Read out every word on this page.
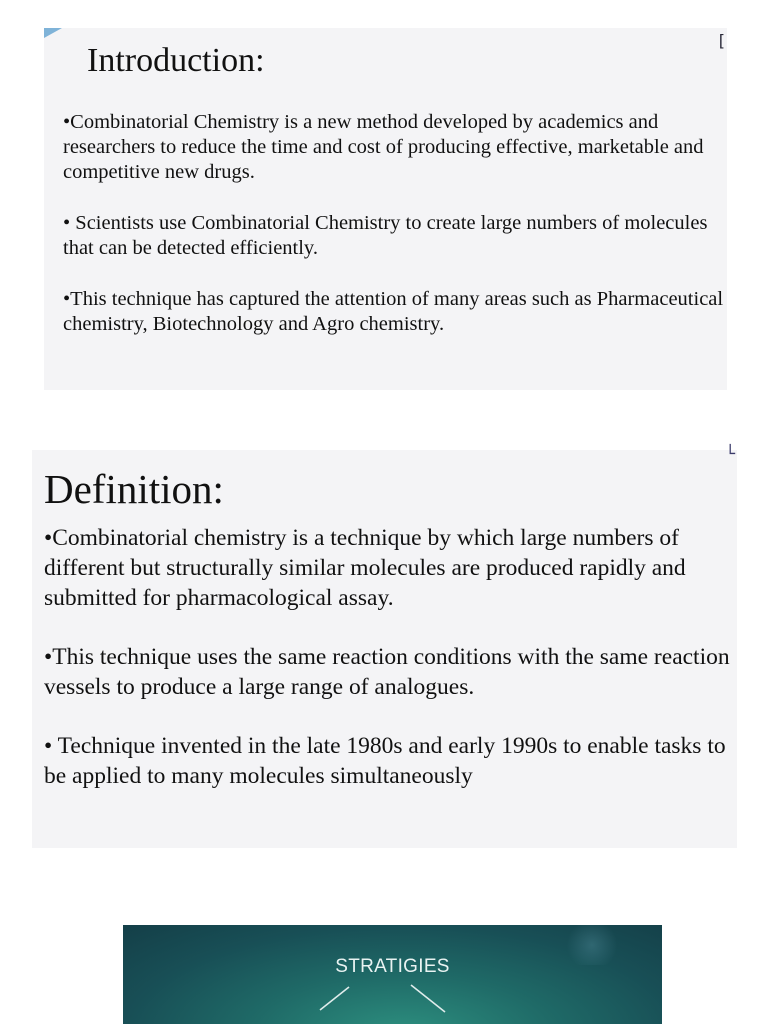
[
Introduction:
•Combinatorial Chemistry is a new method developed by academics and researchers to reduce the time and cost of producing effective, marketable and competitive new drugs.
• Scientists use Combinatorial Chemistry to create large numbers of molecules that can be detected efficiently.
•This technique has captured the attention of many areas such as Pharmaceutical chemistry, Biotechnology and Agro chemistry.
└
Definition:
•Combinatorial chemistry is a technique by which large numbers of different but structurally similar molecules are produced rapidly and submitted for pharmacological assay.
•This technique uses the same reaction conditions with the same reaction vessels to produce a large range of analogues.
• Technique invented in the late 1980s and early 1990s to enable tasks to be applied to many molecules simultaneously
STRATIGIES
